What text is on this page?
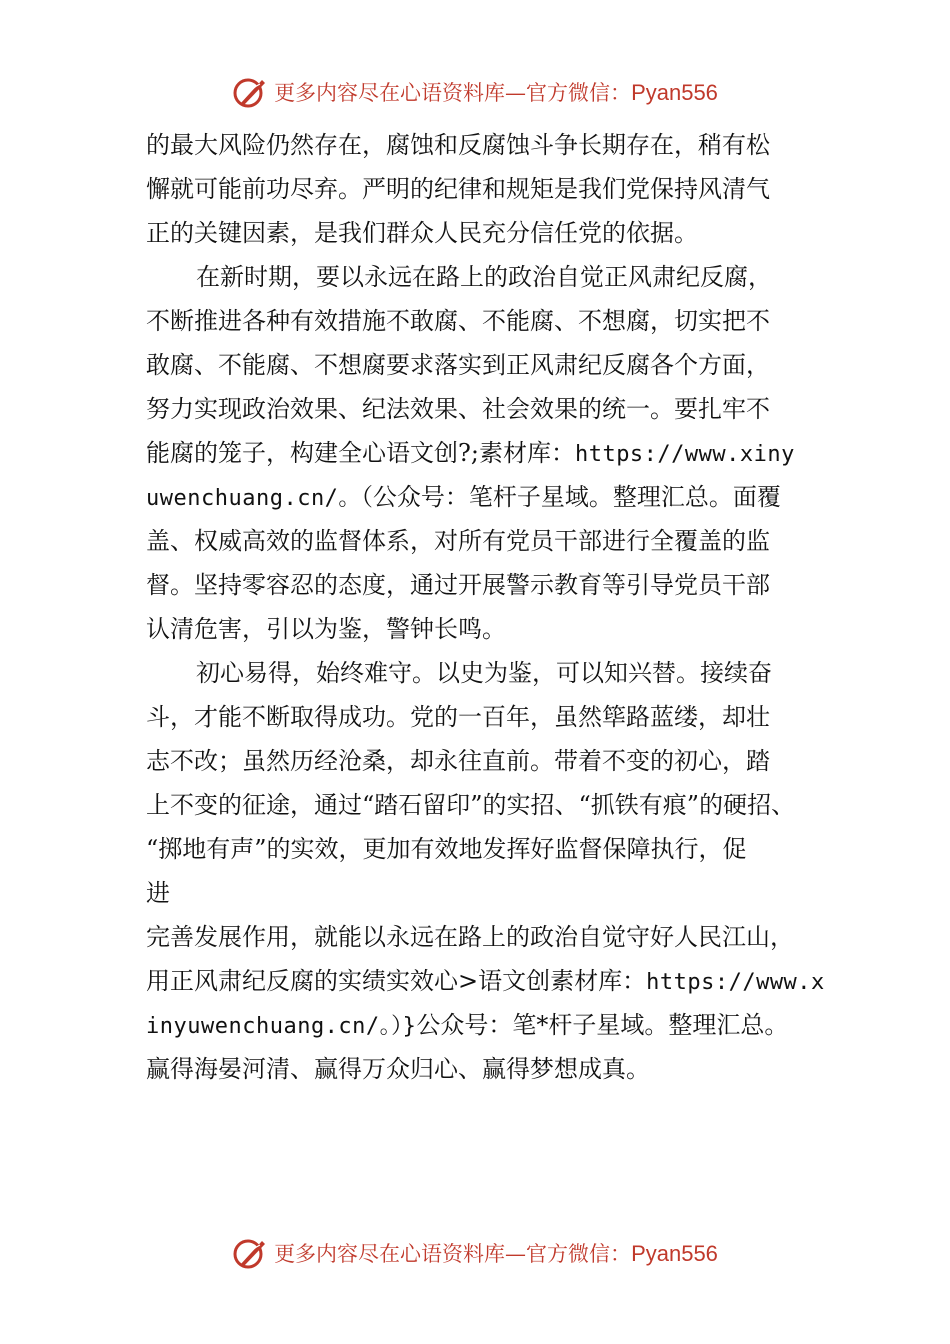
更多内容尽在心语资料库—官方微信：Pyan556
的最大风险仍然存在，腐蚀和反腐蚀斗争长期存在，稍有松
懈就可能前功尽弃。严明的纪律和规矩是我们党保持风清气
正的关键因素，是我们群众人民充分信任党的依据。
在新时期，要以永远在路上的政治自觉正风肃纪反腐，
不断推进各种有效措施不敢腐、不能腐、不想腐，切实把不
敢腐、不能腐、不想腐要求落实到正风肃纪反腐各个方面，
努力实现政治效果、纪法效果、社会效果的统一。要扎牢不
能腐的笼子，构建全心语文创?;素材库：https://www.xiny
uwenchuang.cn/。（公众号：笔杆子星域。整理汇总。面覆
盖、权威高效的监督体系，对所有党员干部进行全覆盖的监
督。坚持零容忍的态度，通过开展警示教育等引导党员干部
认清危害，引以为鉴，警钟长鸣。
初心易得，始终难守。以史为鉴，可以知兴替。接续奋
斗，才能不断取得成功。党的一百年，虽然筚路蓝缕，却壮
志不改；虽然历经沧桑，却永往直前。带着不变的初心，踏
上不变的征途，通过“踏石留印”的实招、“抓铁有痕”的硬招、
“掷地有声”的实效，更加有效地发挥好监督保障执行，促
进
完善发展作用，就能以永远在路上的政治自觉守好人民江山，
用正风肃纪反腐的实绩实效心>语文创素材库：https://www.x
inyuwenchuang.cn/。）}公众号：笔*杆子星域。整理汇总。
赢得海晏河清、赢得万众归心、赢得梦想成真。
更多内容尽在心语资料库—官方微信：Pyan556
